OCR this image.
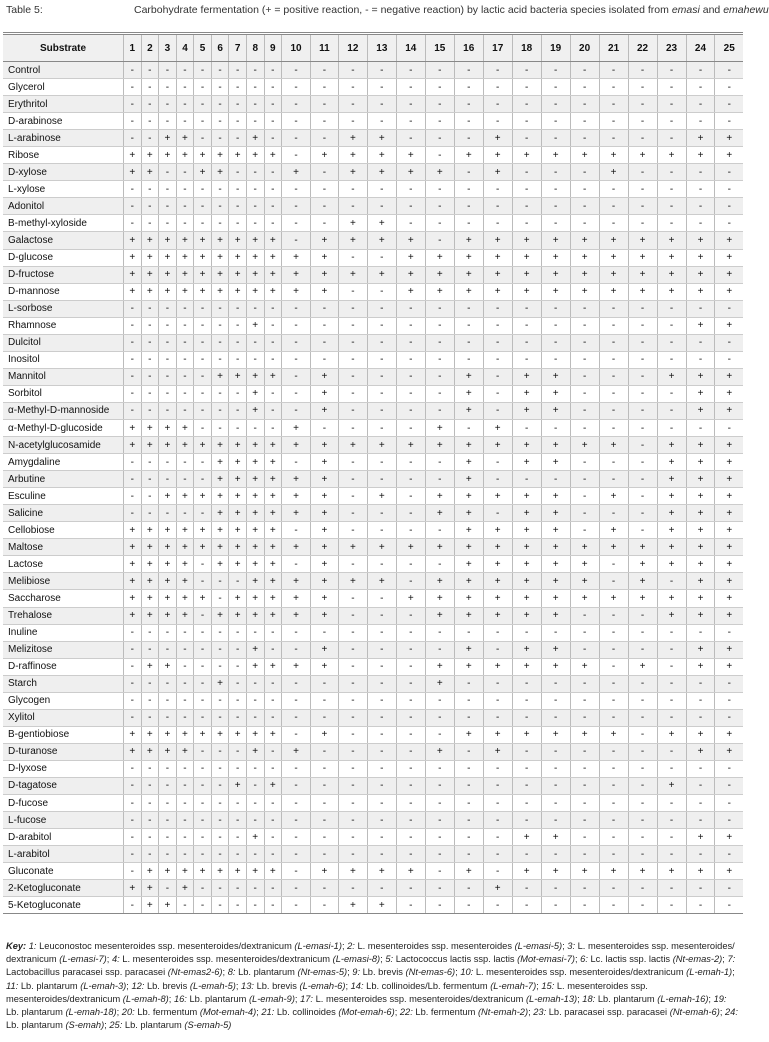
Table 5:	Carbohydrate fermentation (+ = positive reaction, - = negative reaction) by lactic acid bacteria species isolated from emasi and emahewu
Substrate	1	2	3	4	5	6	7	8	9	10	11	12	13	14	15	16	17	18	19	20	21	22	23	24	25
Control	-	-	-	-	-	-	-	-	-	-	-	-	-	-	-	-	-	-	-	-	-	-	-	-	-
Glycerol	-	-	-	-	-	-	-	-	-	-	-	-	-	-	-	-	-	-	-	-	-	-	-	-	-
Erythritol	-	-	-	-	-	-	-	-	-	-	-	-	-	-	-	-	-	-	-	-	-	-	-	-	-
D-arabinose	-	-	-	-	-	-	-	-	-	-	-	-	-	-	-	-	-	-	-	-	-	-	-	-	-
L-arabinose	-	-	+	+	-	-	-	+	-	-	-	+	+	-	-	-	+	-	-	-	-	-	-	+	+
Ribose	+	+	+	+	+	+	+	+	+	-	+	+	+	+	-	+	+	+	+	+	+	+	+	+	+
D-xylose	+	+	-	-	+	+	-	-	-	+	-	+	+	+	+	-	+	-	-	-	+	-	-	-	-
L-xylose	-	-	-	-	-	-	-	-	-	-	-	-	-	-	-	-	-	-	-	-	-	-	-	-	-
Adonitol	-	-	-	-	-	-	-	-	-	-	-	-	-	-	-	-	-	-	-	-	-	-	-	-	-
B-methyl-xyloside	-	-	-	-	-	-	-	-	-	-	-	+	+	-	-	-	-	-	-	-	-	-	-	-	-
Galactose	+	+	+	+	+	+	+	+	+	-	+	+	+	+	-	+	+	+	+	+	+	+	+	+	+
D-glucose	+	+	+	+	+	+	+	+	+	+	+	-	-	+	+	+	+	+	+	+	+	+	+	+	+
D-fructose	+	+	+	+	+	+	+	+	+	+	+	+	+	+	+	+	+	+	+	+	+	+	+	+	+
D-mannose	+	+	+	+	+	+	+	+	+	+	+	-	-	+	+	+	+	+	+	+	+	+	+	+	+
L-sorbose	-	-	-	-	-	-	-	-	-	-	-	-	-	-	-	-	-	-	-	-	-	-	-	-	-
Rhamnose	-	-	-	-	-	-	-	+	-	-	-	-	-	-	-	-	-	-	-	-	-	-	-	+	+
Dulcitol	-	-	-	-	-	-	-	-	-	-	-	-	-	-	-	-	-	-	-	-	-	-	-	-	-
Inositol	-	-	-	-	-	-	-	-	-	-	-	-	-	-	-	-	-	-	-	-	-	-	-	-	-
Mannitol	-	-	-	-	-	+	+	+	+	-	+	-	-	-	-	+	-	+	+	-	-	-	+	+	+
Sorbitol	-	-	-	-	-	-	-	+	-	-	+	-	-	-	-	+	-	+	+	-	-	-	-	+	+
α-Methyl-D-mannoside	-	-	-	-	-	-	-	+	-	-	+	-	-	-	-	+	-	+	+	-	-	-	-	+	+
α-Methyl-D-glucoside	+	+	+	+	-	-	-	-	-	+	-	-	-	-	+	-	+	-	-	-	-	-	-	-	-
N-acetylglucosamide	+	+	+	+	+	+	+	+	+	+	+	+	+	+	+	+	+	+	+	+	+	-	+	+	+
Amygdaline	-	-	-	-	-	+	+	+	+	-	+	-	-	-	-	+	-	+	+	-	-	-	+	+	+
Arbutine	-	-	-	-	-	+	+	+	+	+	+	-	-	-	-	+	-	-	-	-	-	-	+	+	+
Esculine	-	-	+	+	+	+	+	+	+	+	+	-	+	-	+	+	+	+	+	-	+	-	+	+	+
Salicine	-	-	-	-	-	+	+	+	+	+	+	-	-	-	+	+	-	+	+	-	-	-	+	+	+
Cellobiose	+	+	+	+	+	+	+	+	+	-	+	-	-	-	-	+	+	+	+	-	+	-	+	+	+
Maltose	+	+	+	+	+	+	+	+	+	+	+	+	+	+	+	+	+	+	+	+	+	+	+	+	+
Lactose	+	+	+	+	-	+	+	+	+	-	+	-	-	-	-	+	+	+	+	+	-	+	+	+	+
Melibiose	+	+	+	+	-	-	-	+	+	+	+	+	+	-	+	+	+	+	+	+	-	+	-	+	+
Saccharose	+	+	+	+	+	-	+	+	+	+	+	-	-	+	+	+	+	+	+	+	+	+	+	+	+
Trehalose	+	+	+	+	-	+	+	+	+	+	+	-	-	-	+	+	+	+	+	-	-	-	+	+	+
Inuline	-	-	-	-	-	-	-	-	-	-	-	-	-	-	-	-	-	-	-	-	-	-	-	-	-
Melizitose	-	-	-	-	-	-	-	+	-	-	+	-	-	-	-	+	-	+	+	-	-	-	-	+	+
D-raffinose	-	+	+	-	-	-	-	+	+	+	+	-	-	-	+	+	+	+	+	+	-	+	-	+	+
Starch	-	-	-	-	-	+	-	-	-	-	-	-	-	-	+	-	-	-	-	-	-	-	-	-	-
Glycogen	-	-	-	-	-	-	-	-	-	-	-	-	-	-	-	-	-	-	-	-	-	-	-	-	-
Xylitol	-	-	-	-	-	-	-	-	-	-	-	-	-	-	-	-	-	-	-	-	-	-	-	-	-
B-gentiobiose	+	+	+	+	+	+	+	+	+	-	+	-	-	-	-	+	+	+	+	+	+	-	+	+	+
D-turanose	+	+	+	+	-	-	-	+	-	+	-	-	-	-	+	-	+	-	-	-	-	-	-	+	+
D-lyxose	-	-	-	-	-	-	-	-	-	-	-	-	-	-	-	-	-	-	-	-	-	-	-	-	-
D-tagatose	-	-	-	-	-	-	+	-	+	-	-	-	-	-	-	-	-	-	-	-	-	-	+	-	-
D-fucose	-	-	-	-	-	-	-	-	-	-	-	-	-	-	-	-	-	-	-	-	-	-	-	-	-
L-fucose	-	-	-	-	-	-	-	-	-	-	-	-	-	-	-	-	-	-	-	-	-	-	-	-	-
D-arabitol	-	-	-	-	-	-	-	+	-	-	-	-	-	-	-	-	-	+	+	-	-	-	-	+	+
L-arabitol	-	-	-	-	-	-	-	-	-	-	-	-	-	-	-	-	-	-	-	-	-	-	-	-	-
Gluconate	-	+	+	+	+	+	+	+	+	-	+	+	+	+	-	+	-	+	+	+	+	+	+	+	+
2-Ketogluconate	+	+	-	+	-	-	-	-	-	-	-	-	-	-	-	-	+	-	-	-	-	-	-	-	-
5-Ketogluconate	-	+	+	-	-	-	-	-	-	-	-	+	+	-	-	-	-	-	-	-	-	-	-	-	-
Key: 1: Leuconostoc mesenteroides ssp. mesenteroides/dextranicum (L-emasi-1); 2: L. mesenteroides ssp. mesenteroides (L-emasi-5); 3: L. mesenteroides ssp. mesenteroides/ dextranicum (L-emasi-7); 4: L. mesenteroides ssp. mesenteroides/dextranicum (L-emasi-8); 5: Lactococcus lactis ssp. lactis (Mot-emasi-7); 6: Lc. lactis ssp. lactis (Nt-emas-2); 7: Lactobacillus paracasei ssp. paracasei (Nt-emas2-6); 8: Lb. plantarum (Nt-emas-5); 9: Lb. brevis (Nt-emas-6); 10: L. mesenteroides ssp. mesenteroides/dextranicum (L-emah-1); 11: Lb. plantarum (L-emah-3); 12: Lb. brevis (L-emah-5); 13: Lb. brevis (L-emah-6); 14: Lb. collinoides/Lb. fermentum (L-emah-7); 15: L. mesenteroides ssp. mesenteroides/dextranicum (L-emah-8); 16: Lb. plantarum (L-emah-9); 17: L. mesenteroides ssp. mesenteroides/dextranicum (L-emah-13); 18: Lb. plantarum (L-emah-16); 19: Lb. plantarum (L-emah-18); 20: Lb. fermentum (Mot-emah-4); 21: Lb. collinoides (Mot-emah-6); 22: Lb. fermentum (Nt-emah-2); 23: Lb. paracasei ssp. paracasei (Nt-emah-6); 24: Lb. plantarum (S-emah); 25: Lb. plantarum (S-emah-5)
